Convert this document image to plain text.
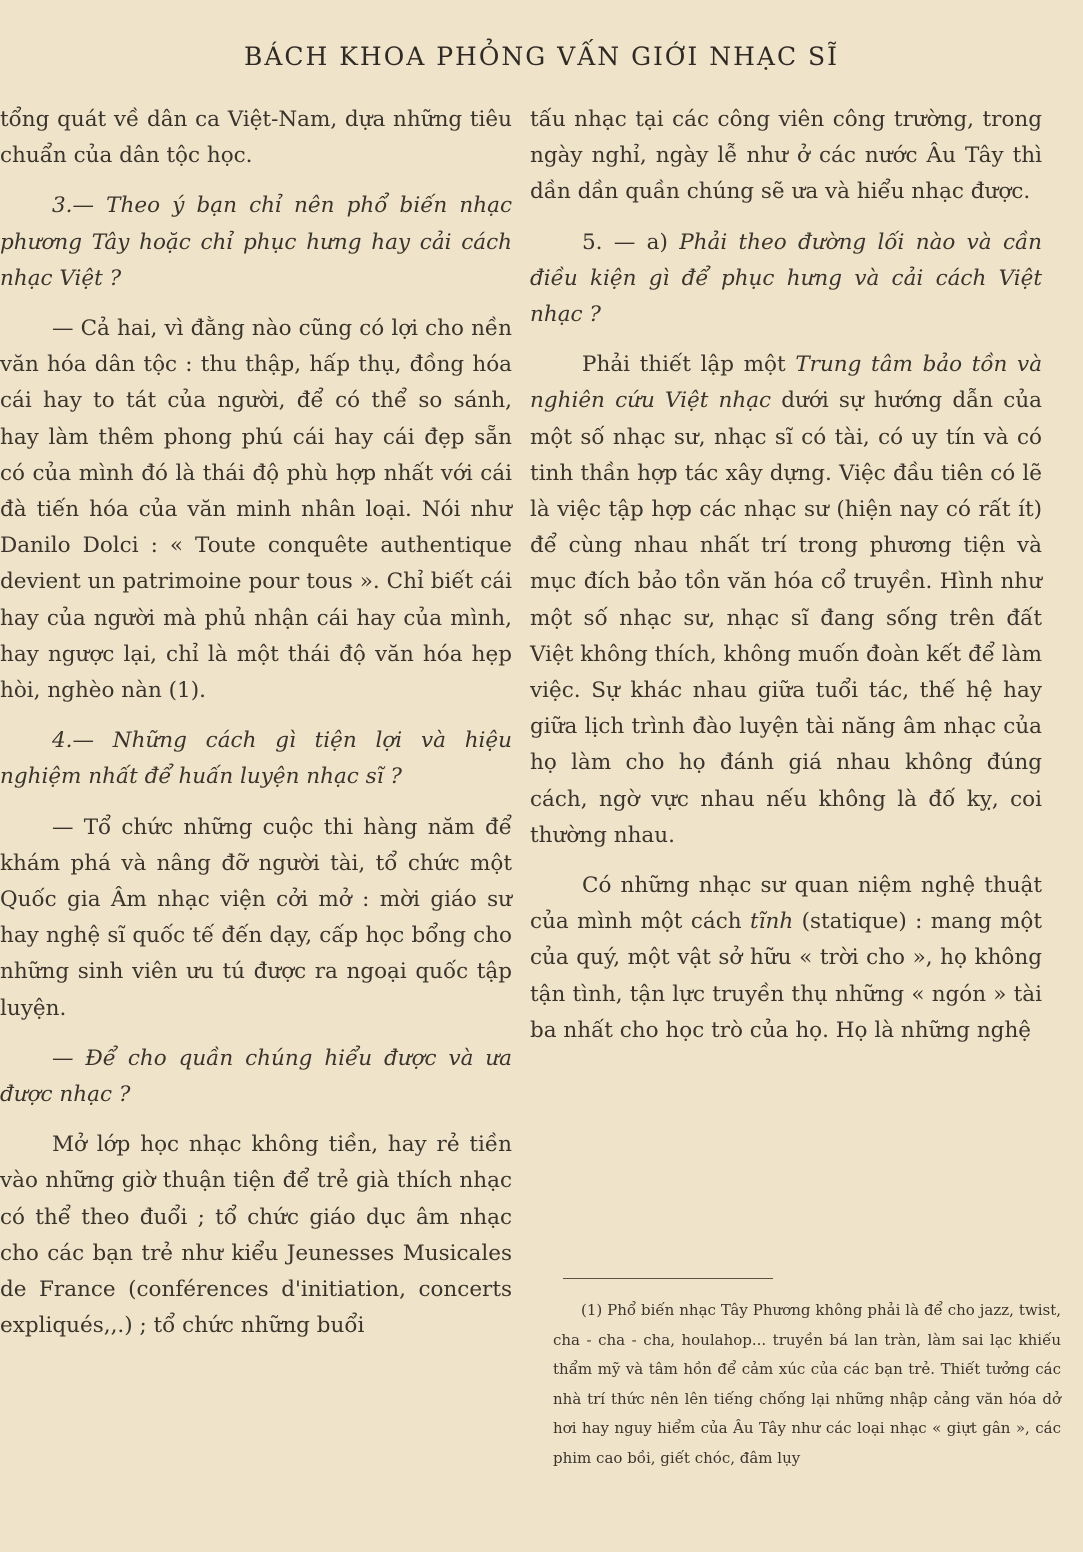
BÁCH KHOA PHỎNG VẤN GIỚI NHẠC SĨ

tổng quát về dân ca Việt-Nam, dựa những tiêu chuẩn của dân tộc học.

3.— Theo ý bạn chỉ nên phổ biến nhạc phương Tây hoặc chỉ phục hưng hay cải cách nhạc Việt ?

— Cả hai, vì đằng nào cũng có lợi cho nền văn hóa dân tộc : thu thập, hấp thụ, đồng hóa cái hay to tát của người, để có thể so sánh, hay làm thêm phong phú cái hay cái đẹp sẵn có của mình đó là thái độ phù hợp nhất với cái đà tiến hóa của văn minh nhân loại. Nói như Danilo Dolci : « Toute conquête authentique devient un patrimoine pour tous ». Chỉ biết cái hay của người mà phủ nhận cái hay của mình, hay ngược lại, chỉ là một thái độ văn hóa hẹp hòi, nghèo nàn (1).

4.— Những cách gì tiện lợi và hiệu nghiệm nhất để huấn luyện nhạc sĩ ?

— Tổ chức những cuộc thi hàng năm để khám phá và nâng đỡ người tài, tổ chức một Quốc gia Âm nhạc viện cởi mở : mời giáo sư hay nghệ sĩ quốc tế đến dạy, cấp học bổng cho những sinh viên ưu tú được ra ngoại quốc tập luyện.

— Để cho quần chúng hiểu được và ưa được nhạc ?

Mở lớp học nhạc không tiền, hay rẻ tiền vào những giờ thuận tiện để trẻ già thích nhạc có thể theo đuổi ; tổ chức giáo dục âm nhạc cho các bạn trẻ như kiểu Jeunesses Musicales de France (conférences d'initiation, concerts expliqués,,.) ; tổ chức những buổi

tấu nhạc tại các công viên công trường, trong ngày nghỉ, ngày lễ như ở các nước Âu Tây thì dần dần quần chúng sẽ ưa và hiểu nhạc được.

5. — a) Phải theo đường lối nào và cần điều kiện gì để phục hưng và cải cách Việt nhạc ?

Phải thiết lập một Trung tâm bảo tồn và nghiên cứu Việt nhạc dưới sự hướng dẫn của một số nhạc sư, nhạc sĩ có tài, có uy tín và có tinh thần hợp tác xây dựng. Việc đầu tiên có lẽ là việc tập hợp các nhạc sư (hiện nay có rất ít) để cùng nhau nhất trí trong phương tiện và mục đích bảo tồn văn hóa cổ truyền. Hình như một số nhạc sư, nhạc sĩ đang sống trên đất Việt không thích, không muốn đoàn kết để làm việc. Sự khác nhau giữa tuổi tác, thế hệ hay giữa lịch trình đào luyện tài năng âm nhạc của họ làm cho họ đánh giá nhau không đúng cách, ngờ vực nhau nếu không là đố kỵ, coi thường nhau.

Có những nhạc sư quan niệm nghệ thuật của mình một cách tĩnh (statique) : mang một của quý, một vật sở hữu « trời cho », họ không tận tình, tận lực truyền thụ những « ngón » tài ba nhất cho học trò của họ. Họ là những nghệ

(1) Phổ biến nhạc Tây Phương không phải là để cho jazz, twist, cha - cha - cha, houlahop... truyền bá lan tràn, làm sai lạc khiếu thẩm mỹ và tâm hồn để cảm xúc của các bạn trẻ. Thiết tưởng các nhà trí thức nên lên tiếng chống lại những nhập cảng văn hóa dở hơi hay nguy hiểm của Âu Tây như các loại nhạc « giựt gân », các phim cao bồi, giết chóc, đâm lụy
